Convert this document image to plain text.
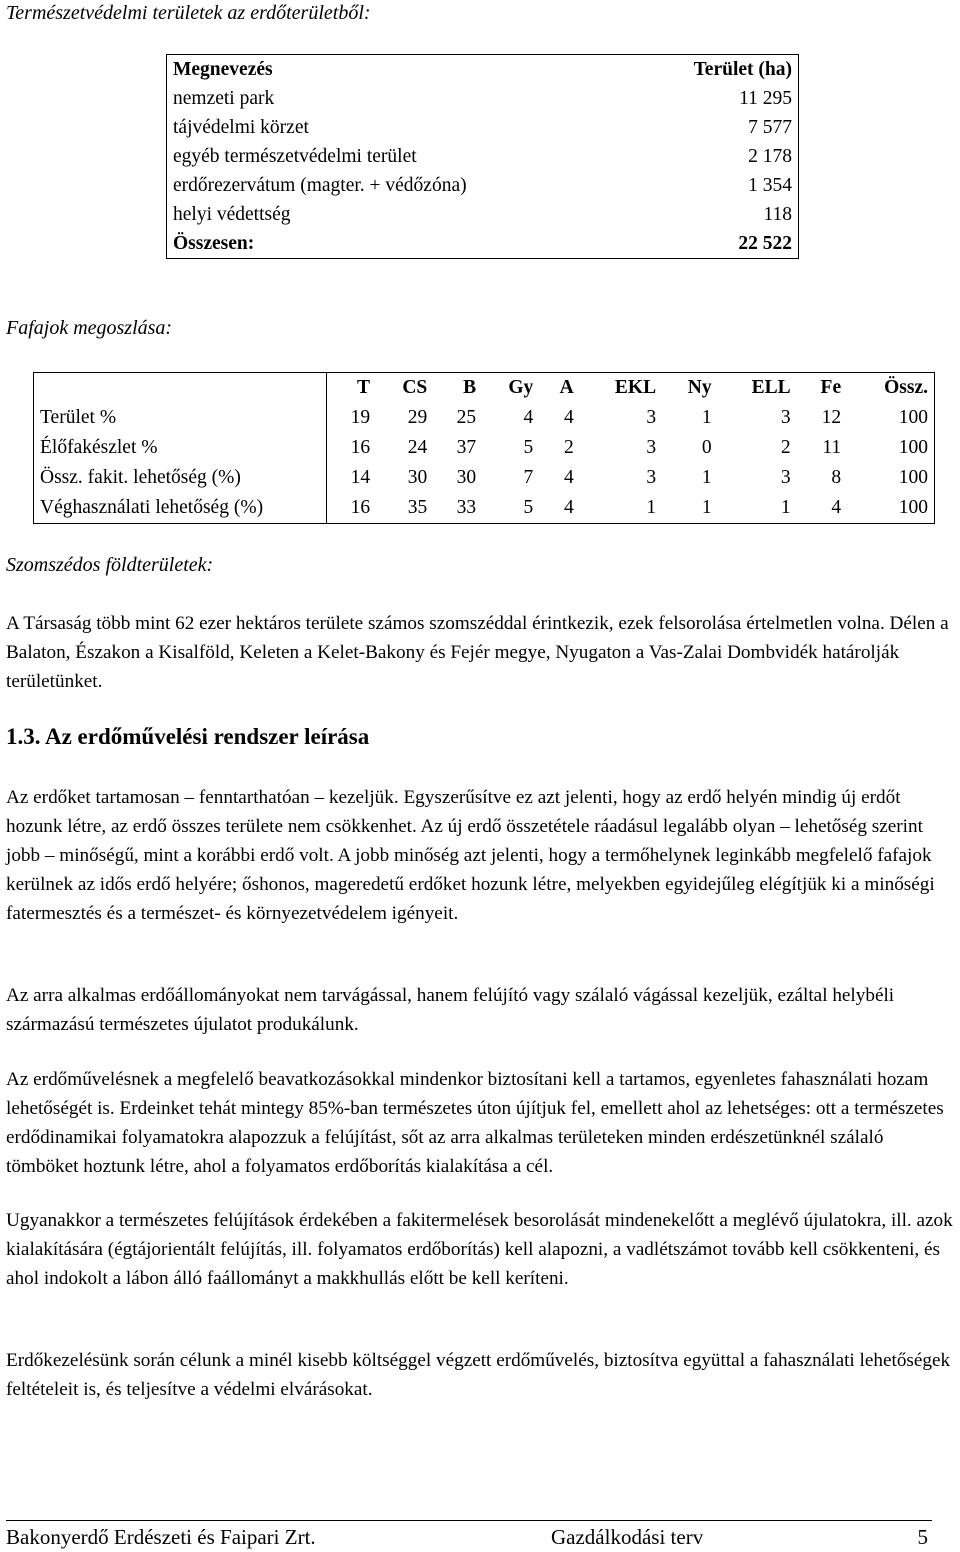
Természetvédelmi területek az erdőterületből:
Megnevezés	Terület (ha)
nemzeti park	11 295
tájvédelmi körzet	7 577
egyéb természetvédelmi terület	2 178
erdőrezervátum (magter. + védőzóna)	1 354
helyi védettség	118
Összesen:	22 522
Fafajok megoszlása:
	T	CS	B	Gy	A	EKL	Ny	ELL	Fe	Össz.
Terület %	19	29	25	4	4	3	1	3	12	100
Élőfakészlet %	16	24	37	5	2	3	0	2	11	100
Össz. fakit. lehetőség (%)	14	30	30	7	4	3	1	3	8	100
Véghasználati lehetőség (%)	16	35	33	5	4	1	1	1	4	100
Szomszédos földterületek:

A Társaság több mint 62 ezer hektáros területe számos szomszéddal érintkezik, ezek felsorolása értelmetlen volna. Délen a Balaton, Északon a Kisalföld, Keleten a Kelet-Bakony és Fejér megye, Nyugaton a Vas-Zalai Dombvidék határolják területünket.

1.3. Az erdőművelési rendszer leírása

Az erdőket tartamosan – fenntarthatóan – kezeljük. Egyszerűsítve ez azt jelenti, hogy az erdő helyén mindig új erdőt hozunk létre, az erdő összes területe nem csökkenhet. Az új erdő összetétele ráadásul legalább olyan – lehetőség szerint jobb – minőségű, mint a korábbi erdő volt. A jobb minőség azt jelenti, hogy a termőhelynek leginkább megfelelő fafajok kerülnek az idős erdő helyére; őshonos, mageredetű erdőket hozunk létre, melyekben egyidejűleg elégítjük ki a minőségi fatermesztés és a természet- és környezetvédelem igényeit.

Az arra alkalmas erdőállományokat nem tarvágással, hanem felújító vagy szálaló vágással kezeljük, ezáltal helybéli származású természetes újulatot produkálunk.

Az erdőművelésnek a megfelelő beavatkozásokkal mindenkor biztosítani kell a tartamos, egyenletes fahasználati hozam lehetőségét is. Erdeinket tehát mintegy 85%-ban természetes úton újítjuk fel, emellett ahol az lehetséges: ott a természetes erdődinamikai folyamatokra alapozzuk a felújítást, sőt az arra alkalmas területeken minden erdészetünknél szálaló tömböket hoztunk létre, ahol a folyamatos erdőborítás kialakítása a cél.

Ugyanakkor a természetes felújítások érdekében a fakitermelések besorolását mindenekelőtt a meglévő újulatokra, ill. azok kialakítására (égtájorientált felújítás, ill. folyamatos erdőborítás) kell alapozni, a vadlétszámot tovább kell csökkenteni, és ahol indokolt a lábon álló faállományt a makkhullás előtt be kell keríteni.

Erdőkezelésünk során célunk a minél kisebb költséggel végzett erdőművelés, biztosítva együttal a fahasználati lehetőségek feltételeit is, és teljesítve a védelmi elvárásokat.

Bakonyerdő Erdészeti és Faipari Zrt.	Gazdálkodási terv	5
